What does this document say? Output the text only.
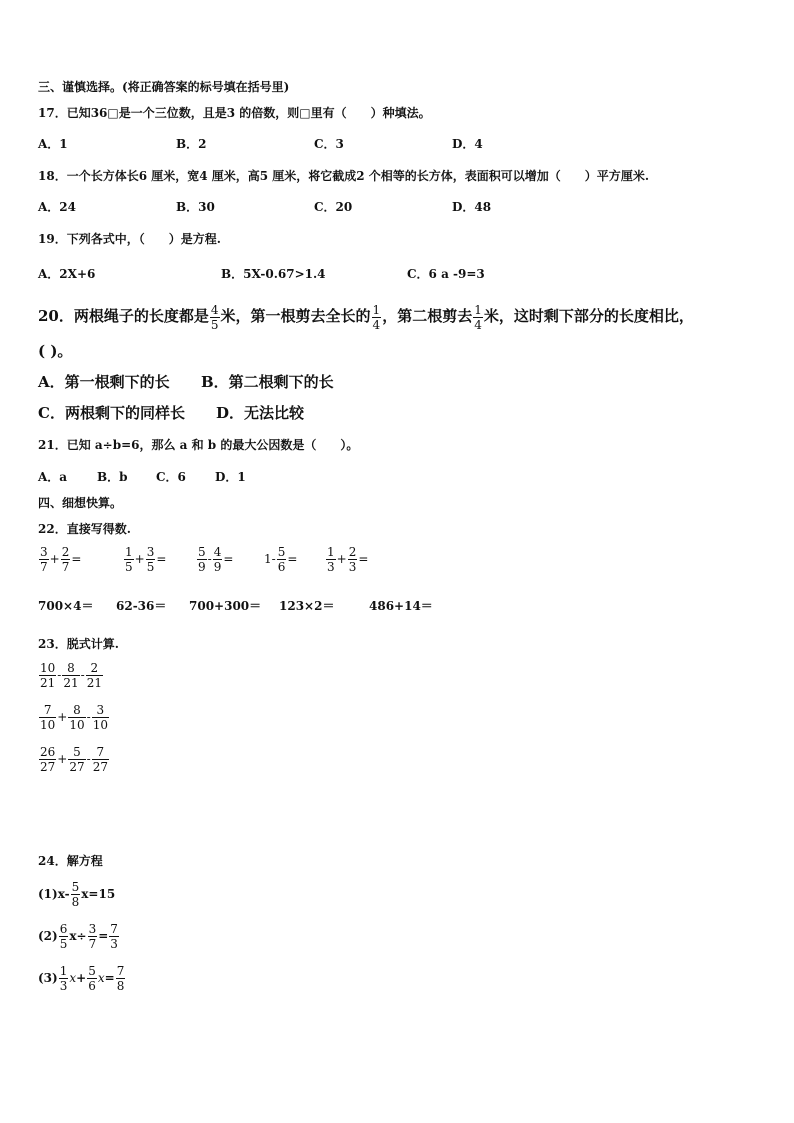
三、谨慎选择。(将正确答案的标号填在括号里)
17．已知36□是一个三位数，且是3 的倍数，则□里有（　　）种填法。
A．1	B．2	C．3	D．4
18．一个长方体长6 厘米，宽4 厘米，高5 厘米，将它截成2 个相等的长方体，表面积可以增加（　　）平方厘米.
A．24	B．30	C．20	D．48
19．下列各式中，（　　）是方程.
A．2X+6	B．5X-0.67>1.4	C．6 a -9=3
20．两根绳子的长度都是 $\frac{4}{5}$ 米，第一根剪去全长的 $\frac{1}{4}$ ，第二根剪去 $\frac{1}{4}$ 米，这时剩下部分的长度相比，
( )。
A．第一根剩下的长 B．第二根剩下的长
C．两根剩下的同样长 D．无法比较
21．已知 a÷b=6，那么 a 和 b 的最大公因数是（　　）。
A．a B．b C．6 D．1
四、细想快算。
22．直接写得数.
$\frac{3}{7} + \frac{2}{7}$ =	$\frac{1}{5} + \frac{3}{5}$ =	$\frac{5}{9} - \frac{4}{9}$ =	$1- \frac{5}{6} = \frac{1}{3} + \frac{2}{3}$ =
700×4＝ 62-36＝ 700+300＝ 123×2＝	486+14＝
23．脱式计算.
$\frac{10}{21} - \frac{8}{21} - \frac{2}{21}$
$\frac{7}{10} + \frac{8}{10} - \frac{3}{10}$
$\frac{26}{27} + \frac{5}{27} - \frac{7}{27}$
24．解方程
$(1)x- \frac{5}{8} x=15$
$(2) \frac{6}{5} x\div \frac{3}{7} = \frac{7}{3}$
$(3) \frac{1}{3} x+ \frac{5}{6} x= \frac{7}{8}$
